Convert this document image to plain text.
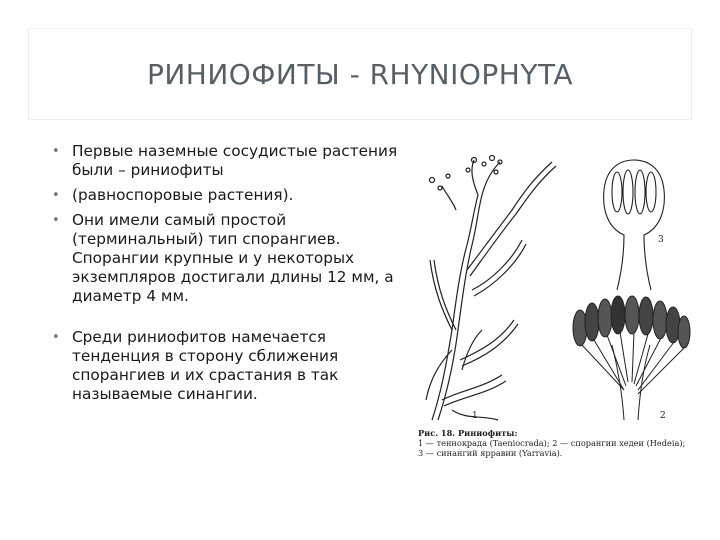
РИНИОФИТЫ - RHYNIOPHYTA
• Первые наземные сосудистые растения были – риниофиты
• (равноспоровые растения).
• Они имели самый простой (терминальный) тип спорангиев. Спорангии крупные и у некоторых экземпляров достигали длины 12 мм, а диаметр 4 мм.
• Среди риниофитов намечается тенденция в сторону сближения спорангиев и их срастания в так называемые синангии.
1
3
2
Рис. 18. Риниофиты:
1 — теннокрада (Taeniocrada); 2 — спорангии хедеи (Hedeia);
3 — синангий ярравии (Yarravia).
